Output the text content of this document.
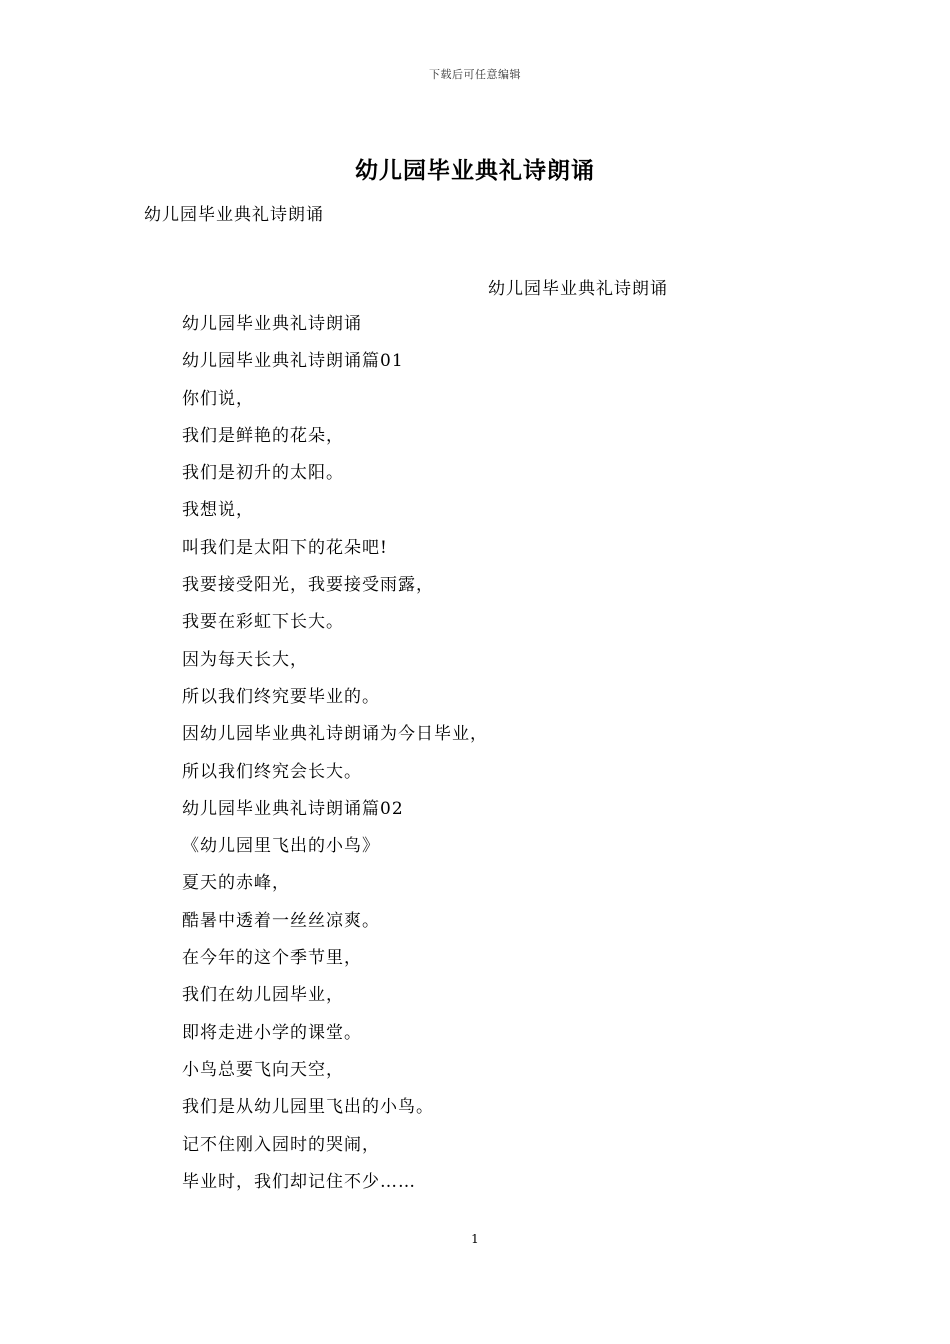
下载后可任意编辑
幼儿园毕业典礼诗朗诵
幼儿园毕业典礼诗朗诵
幼儿园毕业典礼诗朗诵
幼儿园毕业典礼诗朗诵
幼儿园毕业典礼诗朗诵篇01
你们说，
我们是鲜艳的花朵，
我们是初升的太阳。
我想说，
叫我们是太阳下的花朵吧!
我要接受阳光，我要接受雨露，
我要在彩虹下长大。
因为每天长大，
所以我们终究要毕业的。
因幼儿园毕业典礼诗朗诵为今日毕业，
所以我们终究会长大。
幼儿园毕业典礼诗朗诵篇02
《幼儿园里飞出的小鸟》
夏天的赤峰，
酷暑中透着一丝丝凉爽。
在今年的这个季节里，
我们在幼儿园毕业，
即将走进小学的课堂。
小鸟总要飞向天空，
我们是从幼儿园里飞出的小鸟。
记不住刚入园时的哭闹，
毕业时，我们却记住不少……
1
